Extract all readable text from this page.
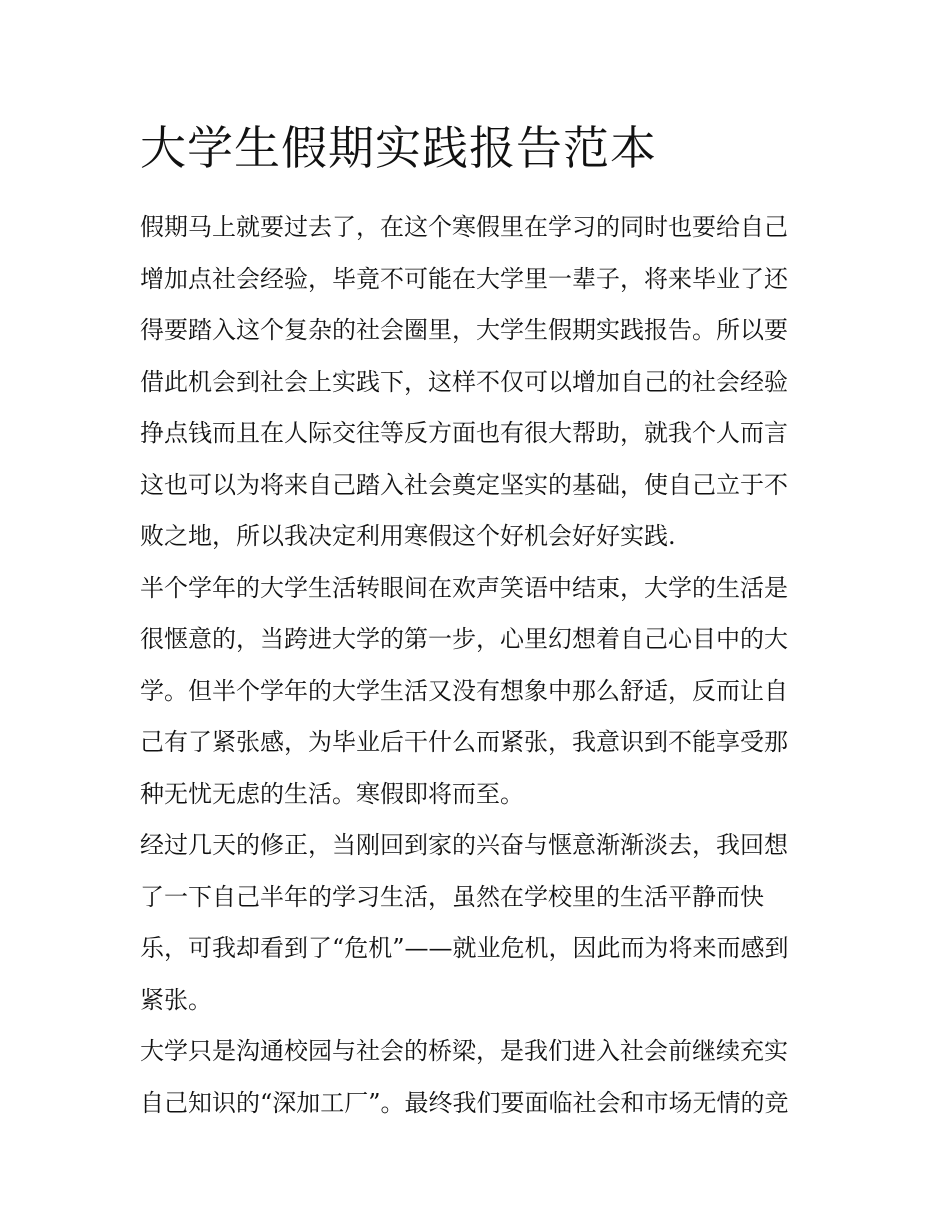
大学生假期实践报告范本
假期马上就要过去了，在这个寒假里在学习的同时也要给自己
增加点社会经验，毕竟不可能在大学里一辈子，将来毕业了还
得要踏入这个复杂的社会圈里，大学生假期实践报告。所以要
借此机会到社会上实践下，这样不仅可以增加自己的社会经验
挣点钱而且在人际交往等反方面也有很大帮助，就我个人而言
这也可以为将来自己踏入社会奠定坚实的基础，使自己立于不
败之地，所以我决定利用寒假这个好机会好好实践.
半个学年的大学生活转眼间在欢声笑语中结束，大学的生活是
很惬意的，当跨进大学的第一步，心里幻想着自己心目中的大
学。但半个学年的大学生活又没有想象中那么舒适，反而让自
己有了紧张感，为毕业后干什么而紧张，我意识到不能享受那
种无忧无虑的生活。寒假即将而至。
经过几天的修正，当刚回到家的兴奋与惬意渐渐淡去，我回想
了一下自己半年的学习生活，虽然在学校里的生活平静而快
乐，可我却看到了“危机”——就业危机，因此而为将来而感到
紧张。
大学只是沟通校园与社会的桥梁，是我们进入社会前继续充实
自己知识的“深加工厂”。最终我们要面临社会和市场无情的竞
